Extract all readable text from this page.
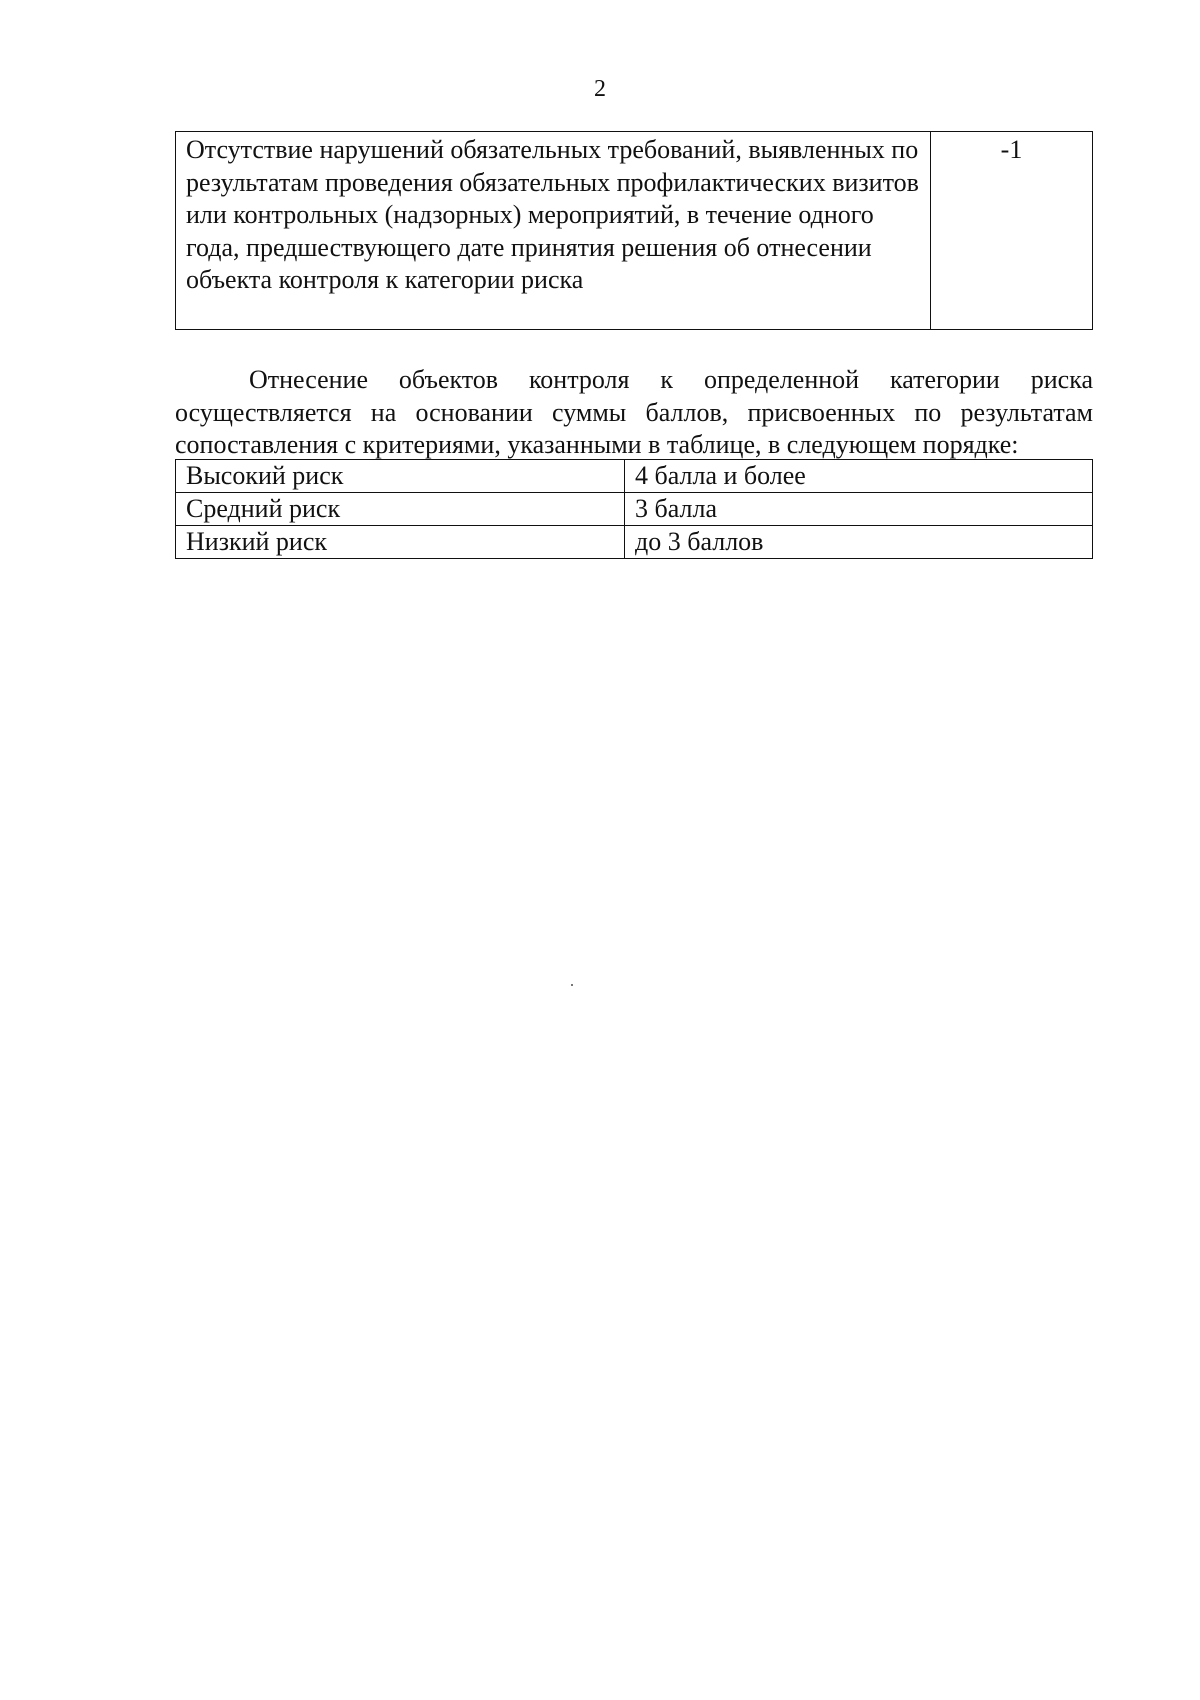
2
Отсутствие нарушений обязательных требований, выявленных по результатам проведения обязательных профилактических визитов или контрольных (надзорных) мероприятий, в течение одного года, предшествующего дате принятия решения об отнесении объекта контроля к категории риска	-1

Отнесение объектов контроля к определенной категории риска осуществляется на основании суммы баллов, присвоенных по результатам сопоставления с критериями, указанными в таблице, в следующем порядке:

Высокий риск	4 балла и более
Средний риск	3 балла
Низкий риск	до 3 баллов
